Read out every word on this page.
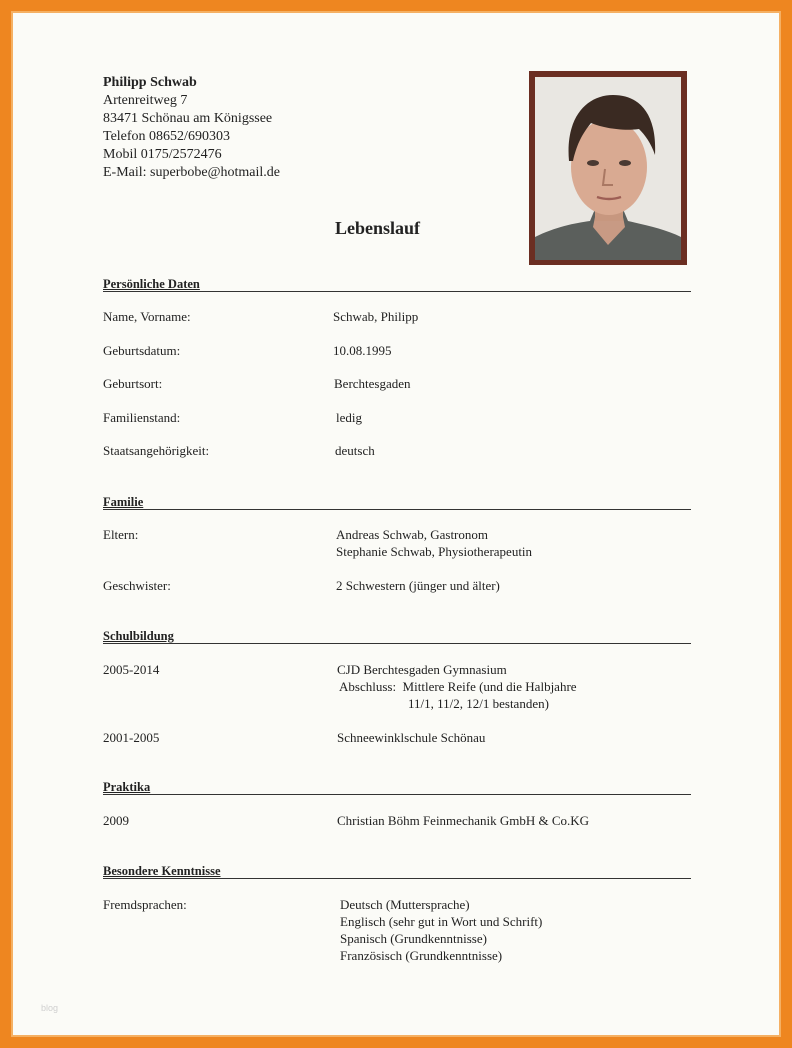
Philipp Schwab
Artenreitweg 7
83471 Schönau am Königssee
Telefon 08652/690303
Mobil 0175/2572476
E-Mail: superbobe@hotmail.de
Lebenslauf
Persönliche Daten
Name, Vorname:	Schwab, Philipp
Geburtsdatum:	10.08.1995
Geburtsort:	Berchtesgaden
Familienstand:	ledig
Staatsangehörigkeit:	deutsch
Familie
Eltern:	Andreas Schwab, Gastronom
Stephanie Schwab, Physiotherapeutin
Geschwister:	2 Schwestern (jünger und älter)
Schulbildung
2005-2014	CJD Berchtesgaden Gymnasium
Abschluss:  Mittlere Reife (und die Halbjahre
11/1, 11/2, 12/1 bestanden)
2001-2005	Schneewinklschule Schönau
Praktika
2009	Christian Böhm Feinmechanik GmbH & Co.KG
Besondere Kenntnisse
Fremdsprachen:	Deutsch (Muttersprache)
Englisch (sehr gut in Wort und Schrift)
Spanisch (Grundkenntnisse)
Französisch (Grundkenntnisse)
blog
